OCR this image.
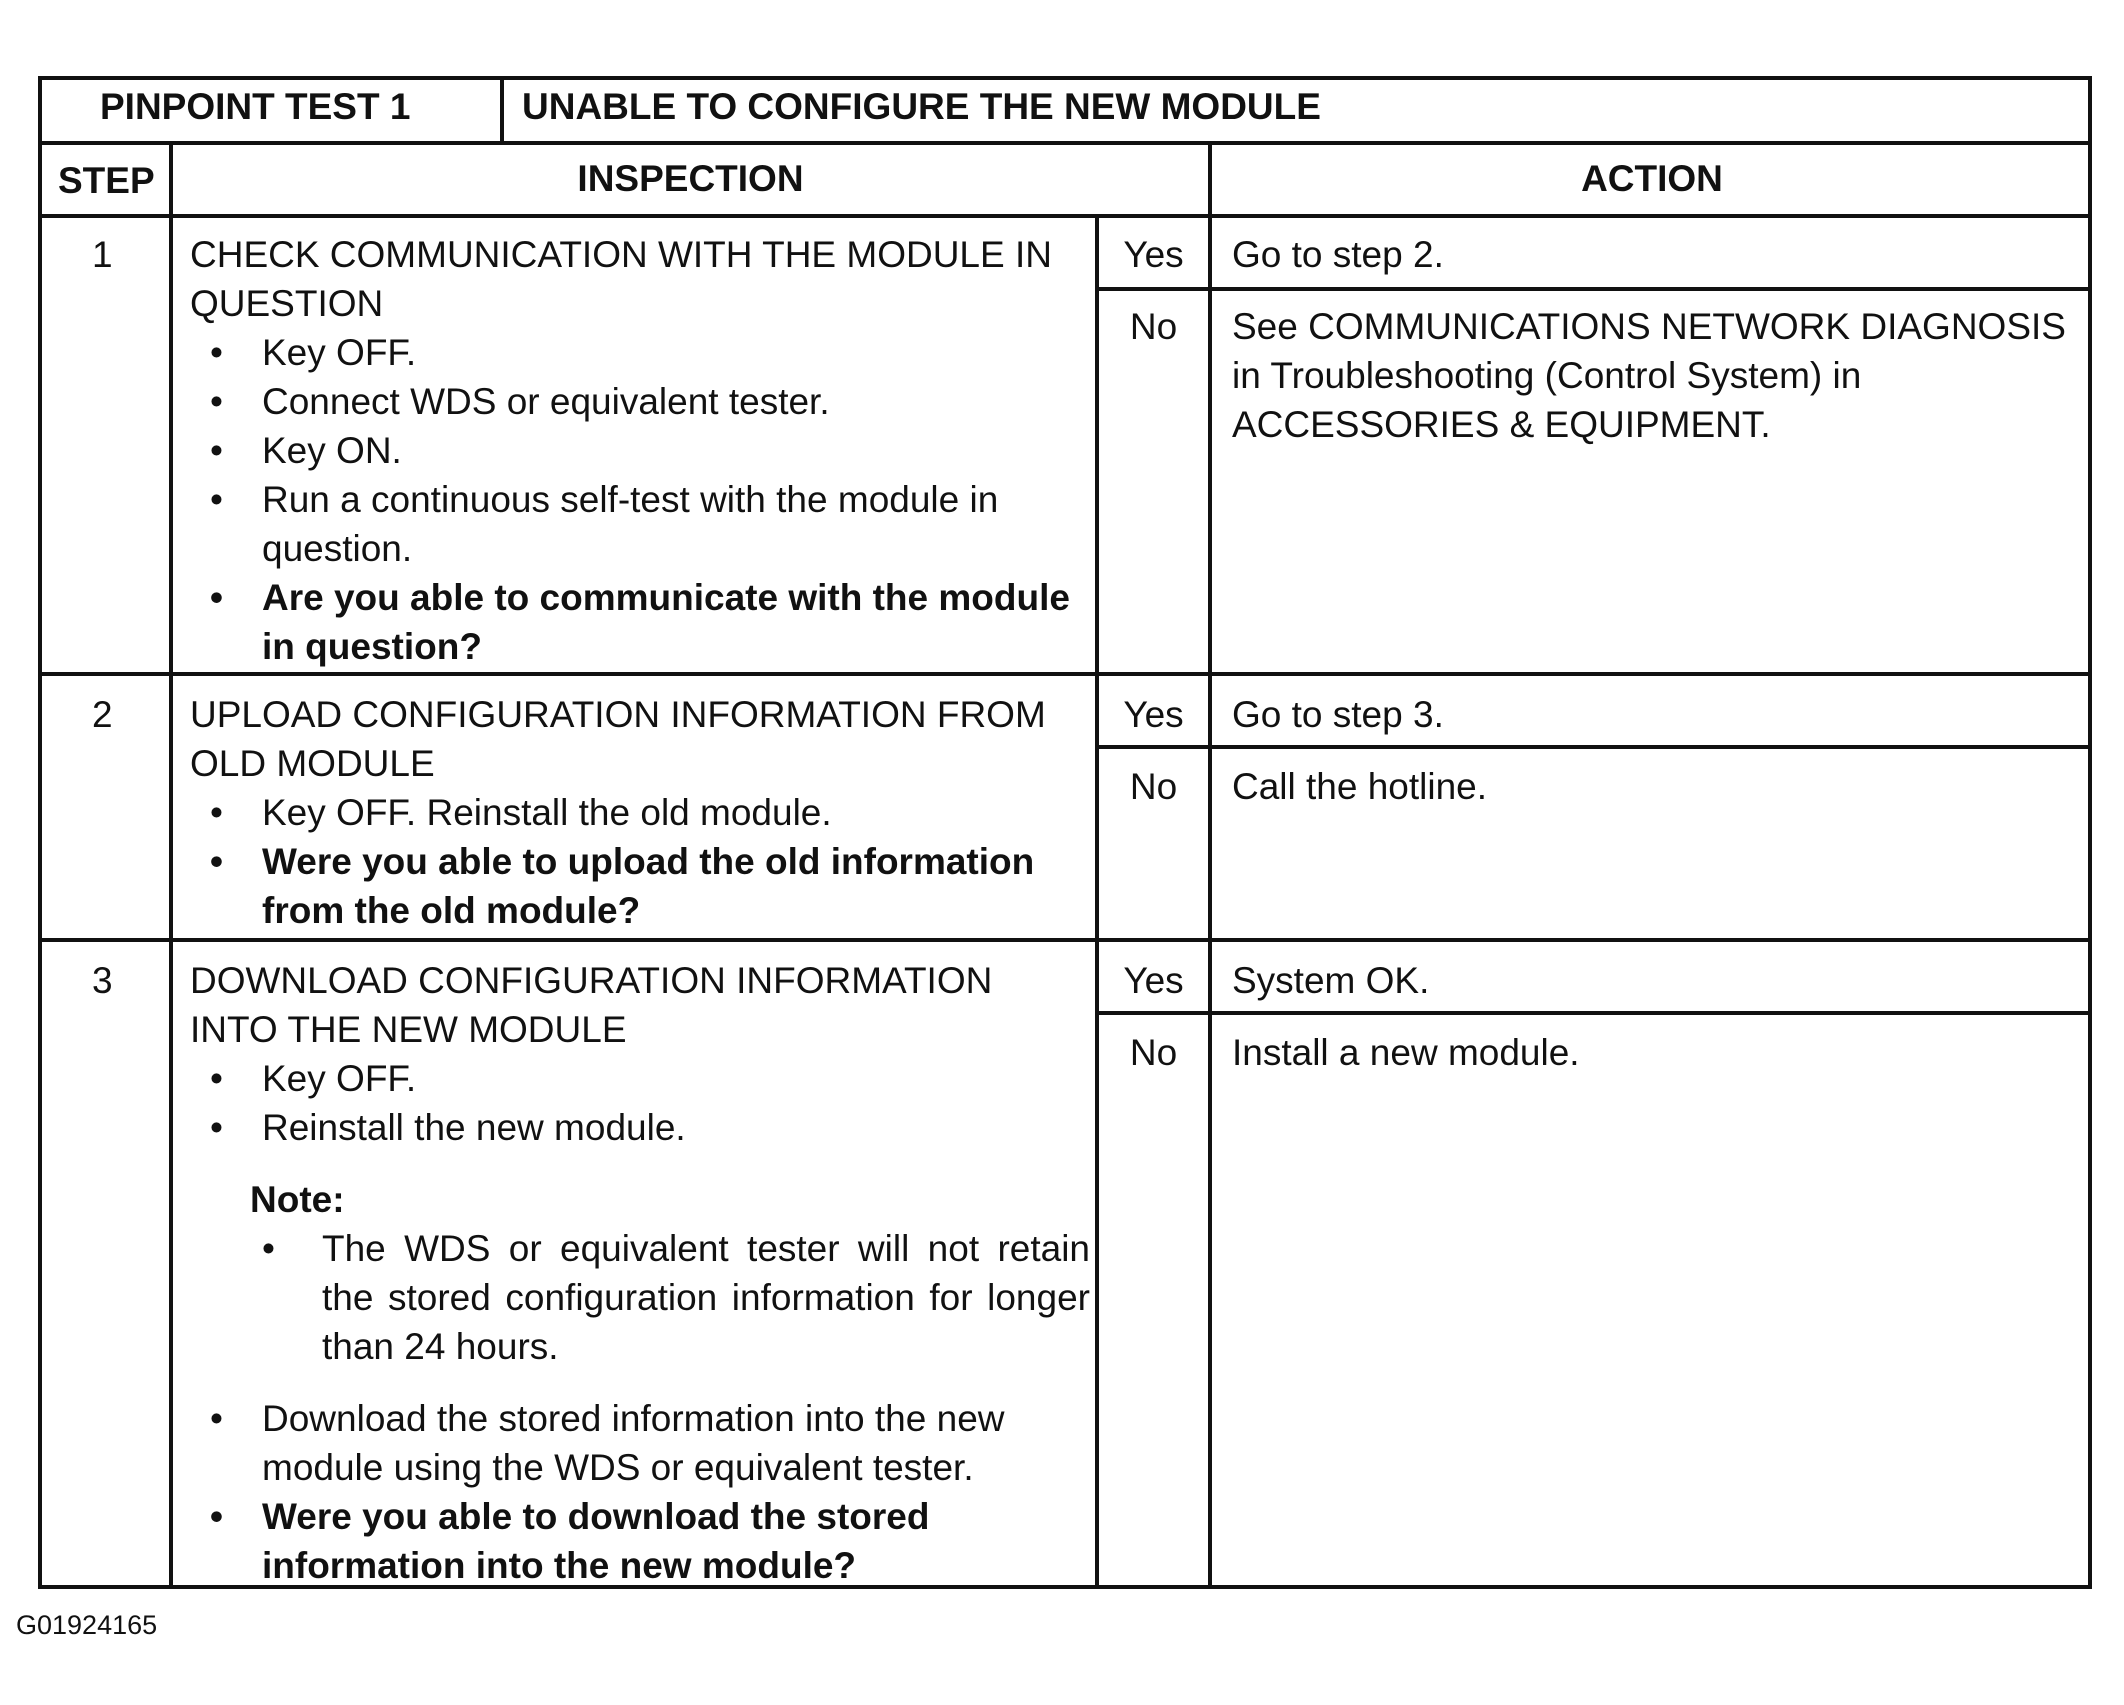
PINPOINT TEST 1	UNABLE TO CONFIGURE THE NEW MODULE
STEP	INSPECTION	ACTION
1 CHECK COMMUNICATION WITH THE MODULE IN QUESTION
• Key OFF.
• Connect WDS or equivalent tester.
• Key ON.
• Run a continuous self-test with the module in question.
• Are you able to communicate with the module in question?
Yes	Go to step 2.
No	See COMMUNICATIONS NETWORK DIAGNOSIS in Troubleshooting (Control System) in ACCESSORIES & EQUIPMENT.
2 UPLOAD CONFIGURATION INFORMATION FROM OLD MODULE
• Key OFF. Reinstall the old module.
• Were you able to upload the old information from the old module?
Yes	Go to step 3.
No	Call the hotline.
3 DOWNLOAD CONFIGURATION INFORMATION INTO THE NEW MODULE
• Key OFF.
• Reinstall the new module.
Note:
• The WDS or equivalent tester will not retain the stored configuration information for longer than 24 hours.
• Download the stored information into the new module using the WDS or equivalent tester.
• Were you able to download the stored information into the new module?
Yes	System OK.
No	Install a new module.
G01924165
